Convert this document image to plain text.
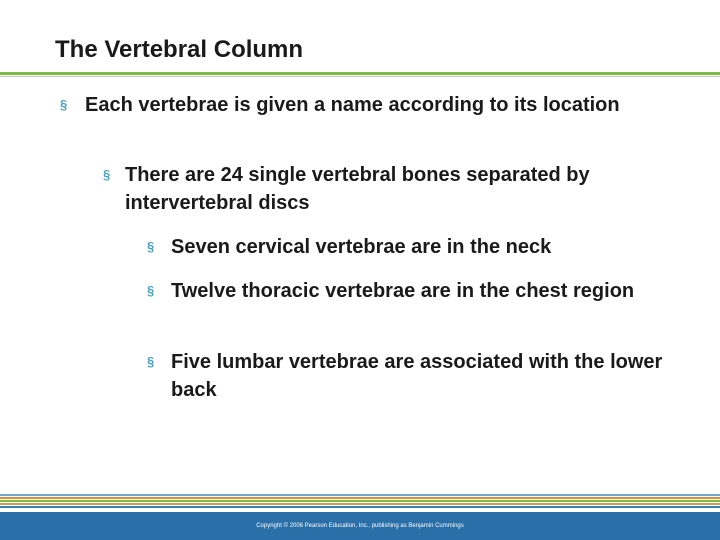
The Vertebral Column
§ Each vertebrae is given a name according to its location
§ There are 24 single vertebral bones separated by intervertebral discs
§ Seven cervical vertebrae are in the neck
§ Twelve thoracic vertebrae are in the chest region
§ Five lumbar vertebrae are associated with the lower back
Copyright © 2006 Pearson Education, Inc., publishing as Benjamin Cummings
